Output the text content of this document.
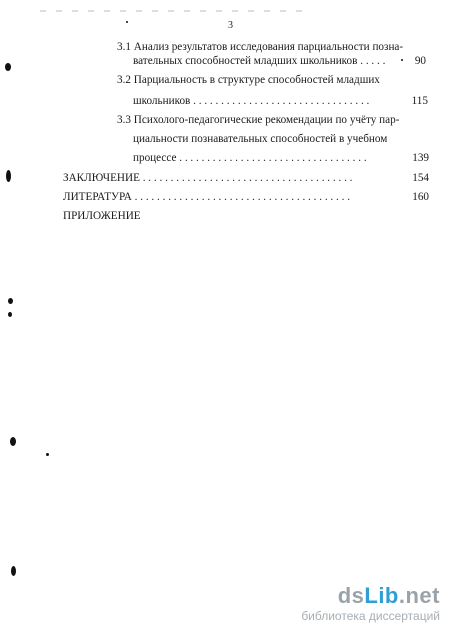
3
3.1 Анализ результатов исследования парциальности позна-
вательных способностей младших школьников . . . . .	90
3.2 Парциальность в структуре способностей младших
школьников . . . . . . . . . . . . . . . . . . . . . . . . . . . . . . . .	115
3.3 Психолого-педагогические рекомендации по учёту пар-
циальности познавательных способностей в учебном
процессе . . . . . . . . . . . . . . . . . . . . . . . . . . . . . . . . . .	139
ЗАКЛЮЧЕНИЕ . . . . . . . . . . . . . . . . . . . . . . . . . . . . . . . . . . . . . .	154
ЛИТЕРАТУРА . . . . . . . . . . . . . . . . . . . . . . . . . . . . . . . . . . . . . . .	160
ПРИЛОЖЕНИЕ
dsLib.net
библиотека диссертаций
